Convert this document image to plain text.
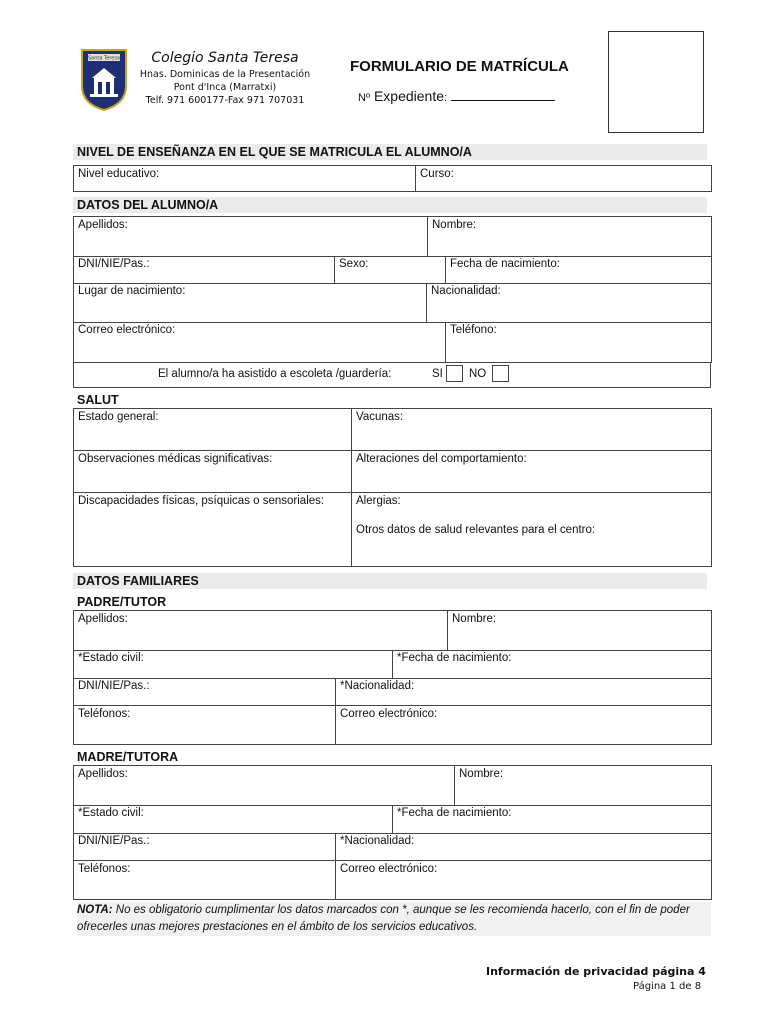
Santa Teresa	Colegio Santa Teresa
Hnas. Dominicas de la Presentación
Pont d'Inca (Marratxi)
Telf. 971 600177-Fax 971 707031
FORMULARIO DE MATRÍCULA
Nº Expediente:
NIVEL DE ENSEÑANZA EN EL QUE SE MATRICULA EL ALUMNO/A
Nivel educativo:	Curso:
DATOS DEL ALUMNO/A
Apellidos:	Nombre:
DNI/NIE/Pas.:	Sexo:	Fecha de nacimiento:
Lugar de nacimiento:	Nacionalidad:
Correo electrónico:	Teléfono:
El alumno/a ha asistido a escoleta /guardería:	SI NO
SALUT
Estado general:	Vacunas:
Observaciones médicas significativas:	Alteraciones del comportamiento:
Discapacidades físicas, psíquicas o sensoriales:	Alergias:
Otros datos de salud relevantes para el centro:
DATOS FAMILIARES
PADRE/TUTOR
Apellidos:	Nombre:
*Estado civil:	*Fecha de nacimiento:
DNI/NIE/Pas.:	*Nacionalidad:
Teléfonos:	Correo electrónico:
MADRE/TUTORA
Apellidos:	Nombre:
*Estado civil:	*Fecha de nacimiento:
DNI/NIE/Pas.:	*Nacionalidad:
Teléfonos:	Correo electrónico:
NOTA: No es obligatorio cumplimentar los datos marcados con *, aunque se les recomienda hacerlo, con el fin de poder ofrecerles unas mejores prestaciones en el ámbito de los servicios educativos.
Información de privacidad página 4
Página 1 de 8
